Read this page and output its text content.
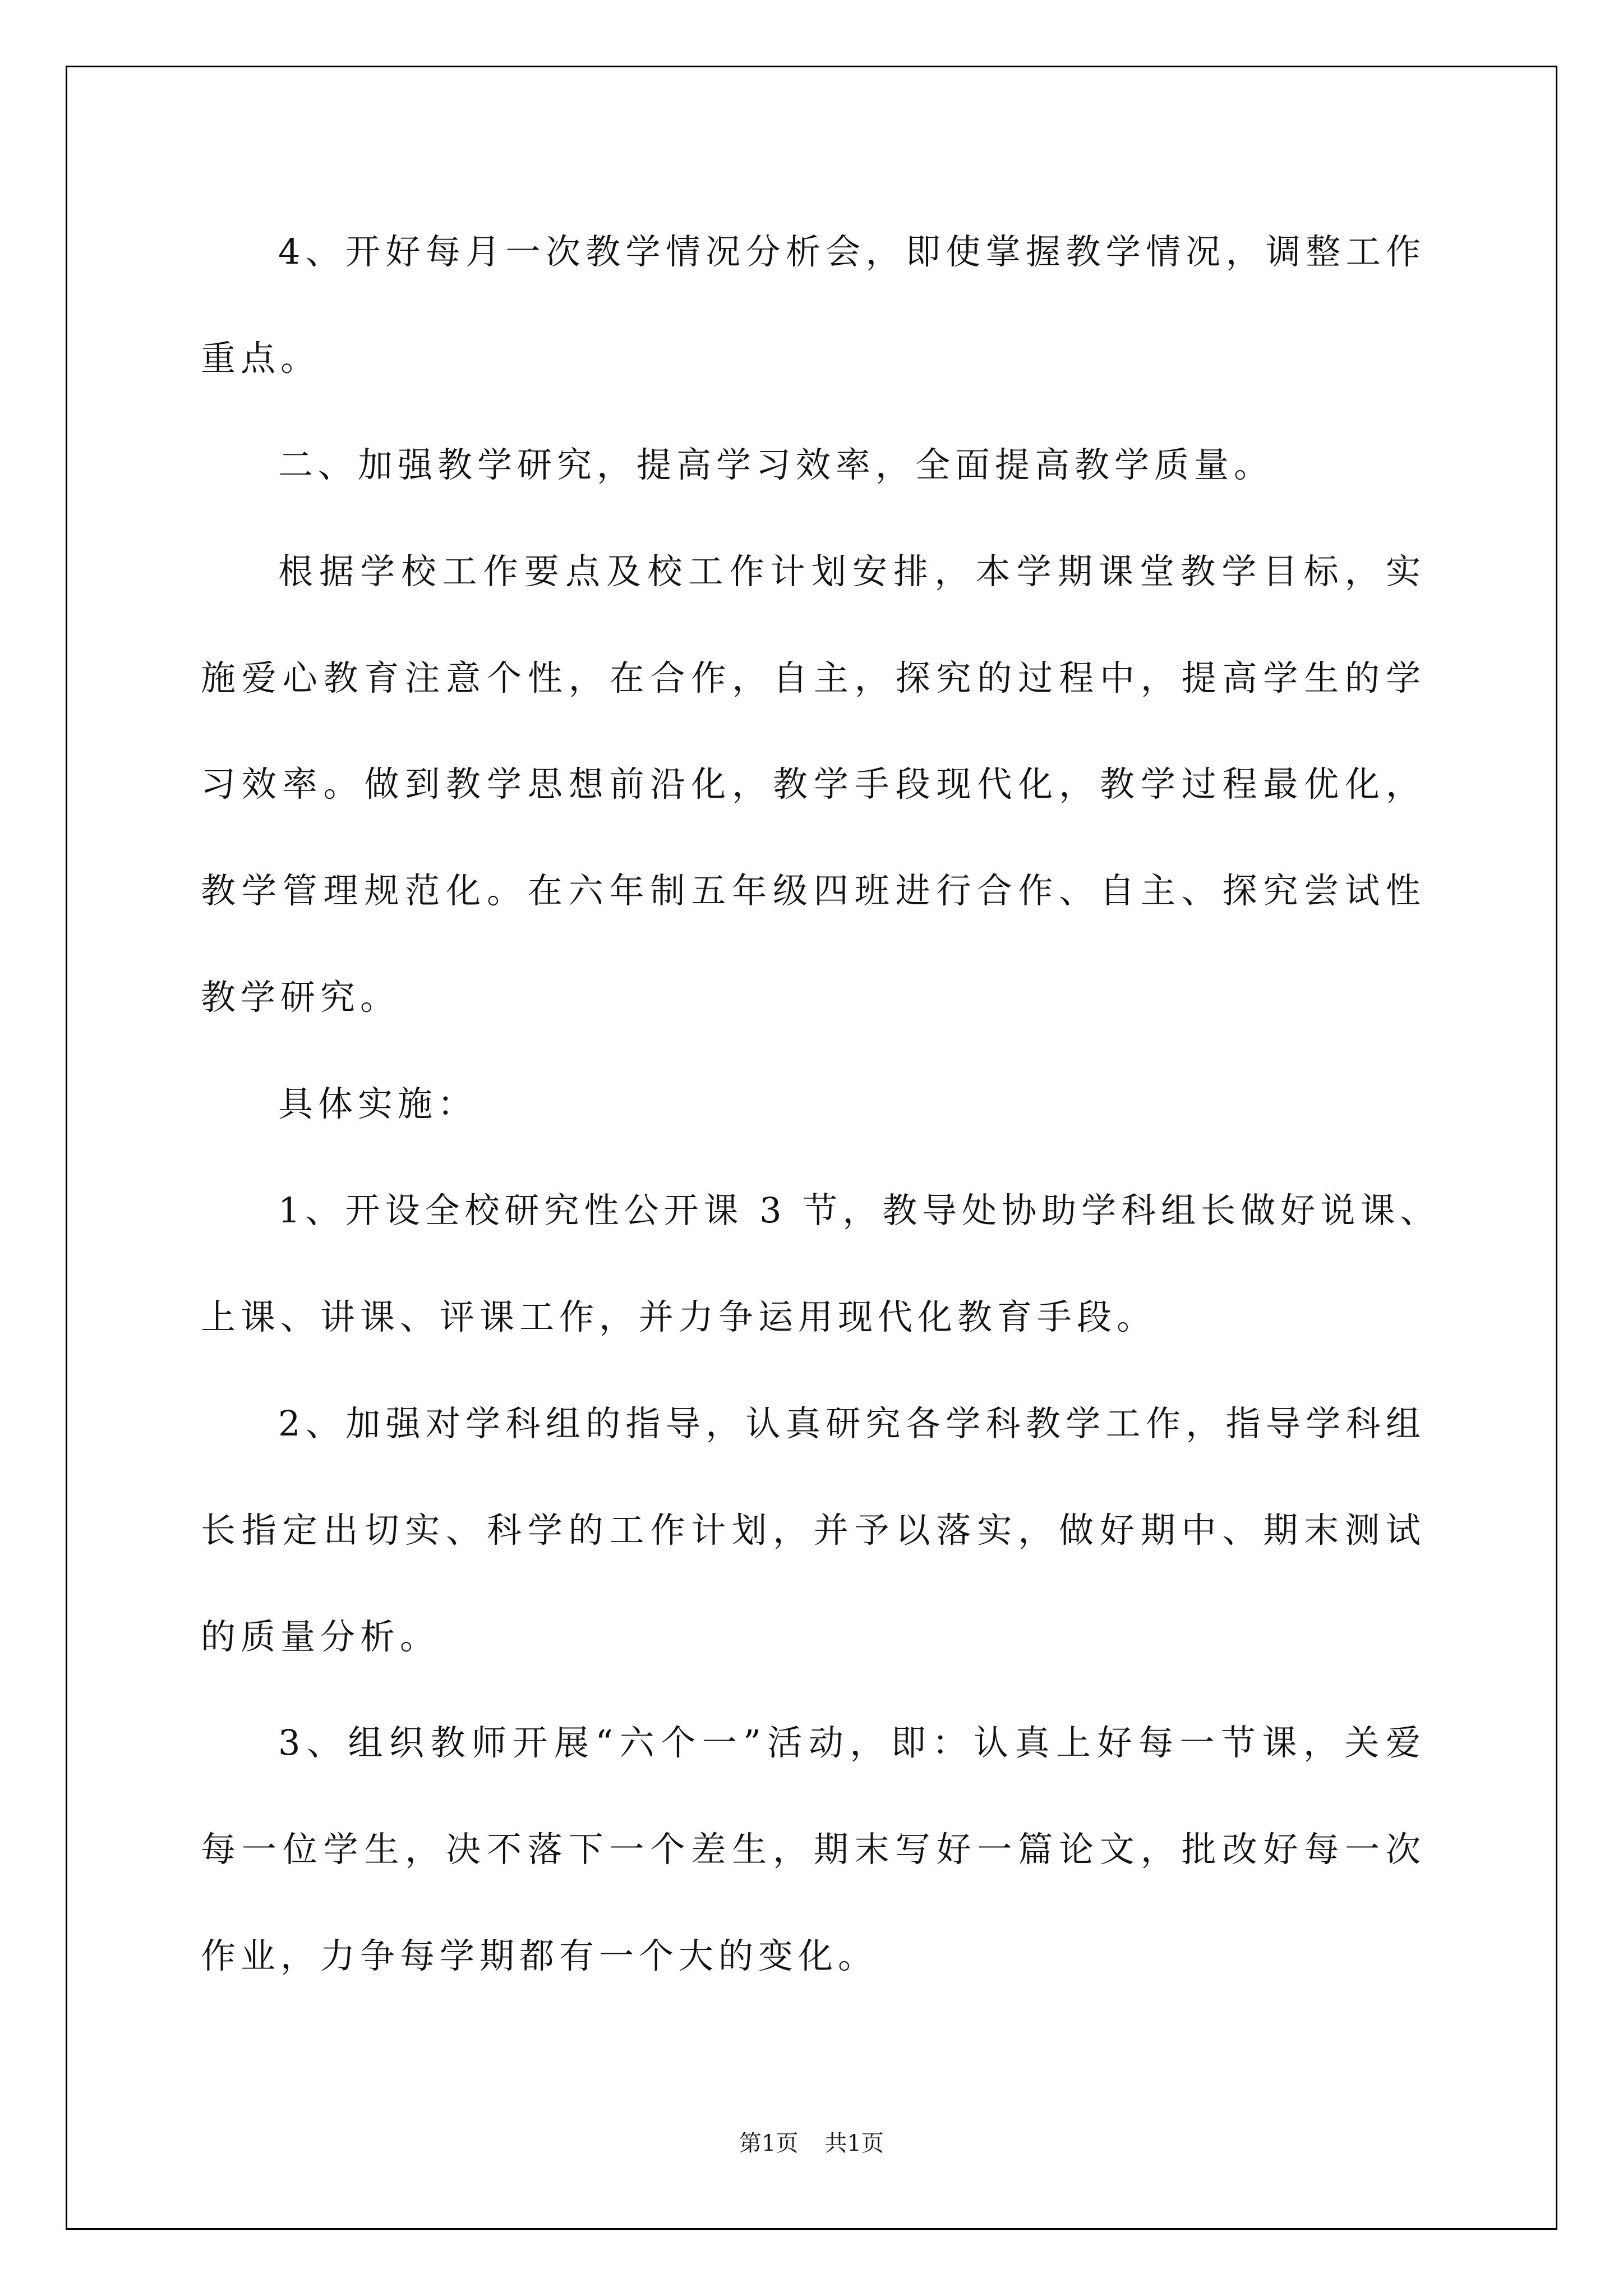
4、开好每月一次教学情况分析会，即使掌握教学情况，调整工作
重点。
二、加强教学研究，提高学习效率，全面提高教学质量。
根据学校工作要点及校工作计划安排，本学期课堂教学目标，实
施爱心教育注意个性，在合作，自主，探究的过程中，提高学生的学
习效率。做到教学思想前沿化，教学手段现代化，教学过程最优化，
教学管理规范化。在六年制五年级四班进行合作、自主、探究尝试性
教学研究。
具体实施：
1、开设全校研究性公开课 3 节，教导处协助学科组长做好说课、
上课、讲课、评课工作，并力争运用现代化教育手段。
2、加强对学科组的指导，认真研究各学科教学工作，指导学科组
长指定出切实、科学的工作计划，并予以落实，做好期中、期末测试
的质量分析。
3、组织教师开展“六个一”活动，即：认真上好每一节课，关爱
每一位学生，决不落下一个差生，期末写好一篇论文，批改好每一次
作业，力争每学期都有一个大的变化。
第1页 共1页
